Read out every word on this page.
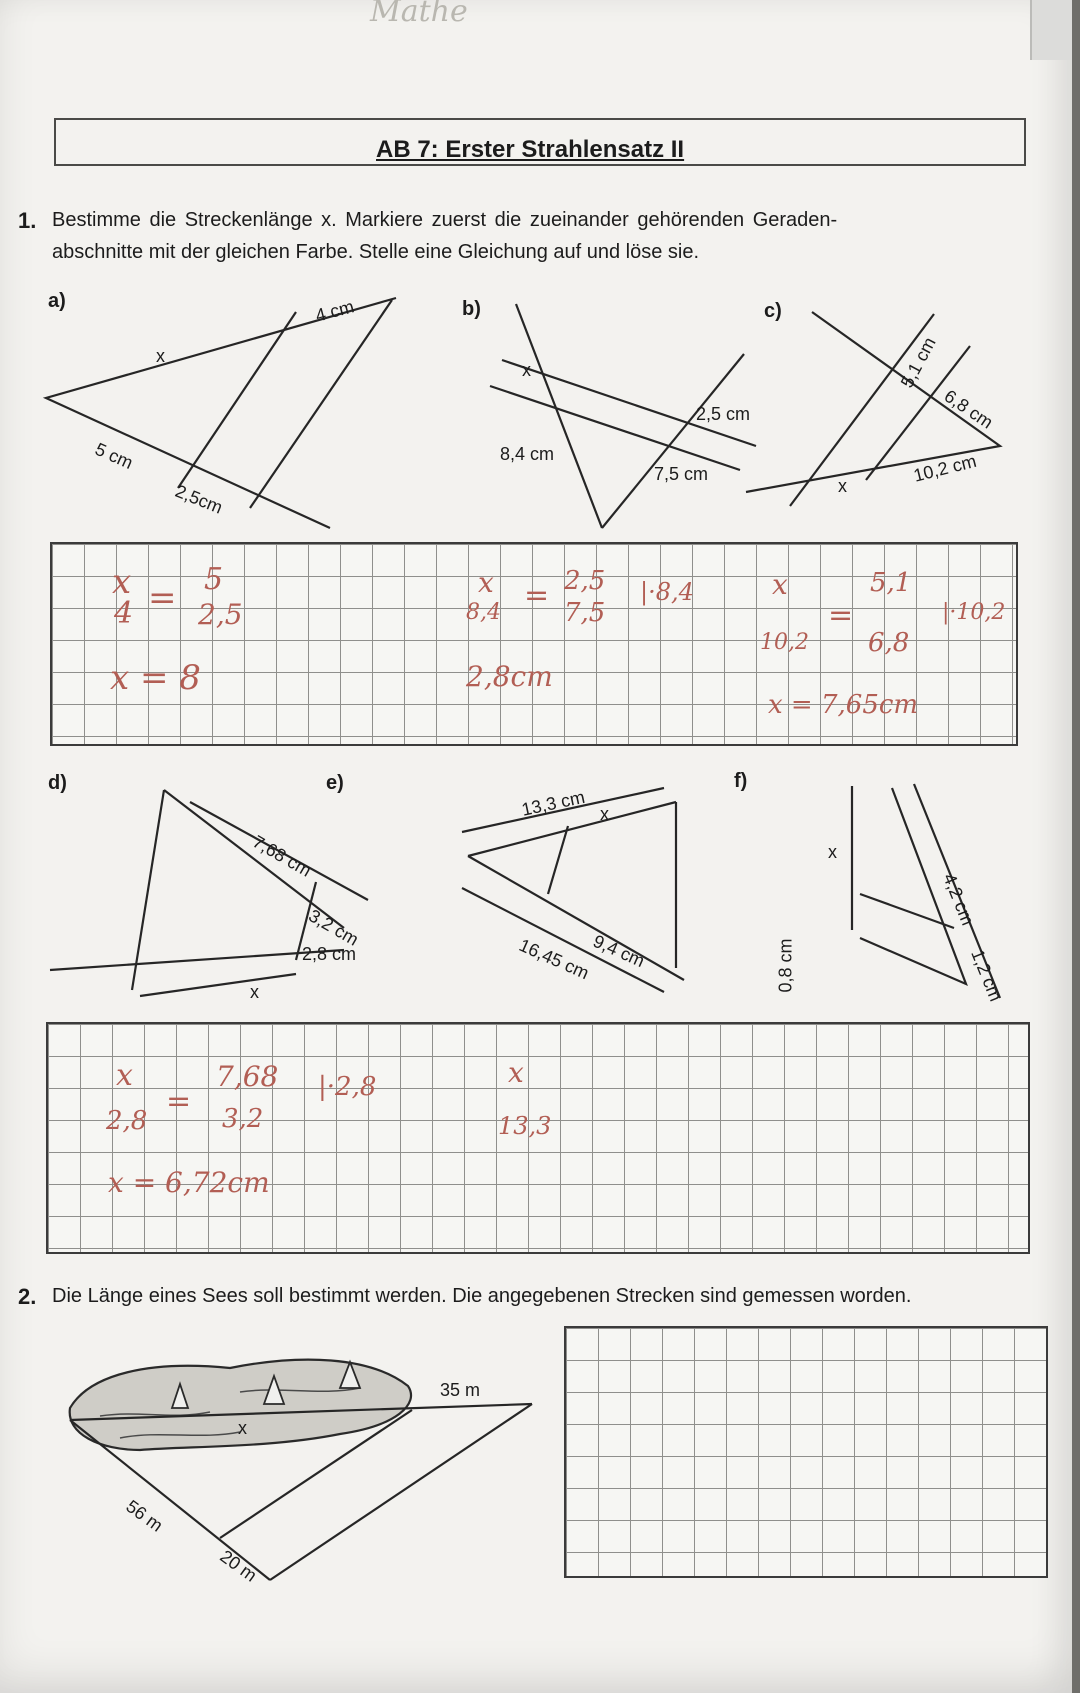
Mathe
AB 7: Erster Strahlensatz II
1. Bestimme die Streckenlänge x. Markiere zuerst die zueinander gehörenden Geraden-
abschnitte mit der gleichen Farbe. Stelle eine Gleichung auf und löse sie.
a)
x
4 cm
5 cm
2,5cm
b)
x
2,5 cm
8,4 cm
7,5 cm
c)
x
5,1 cm
6,8 cm
10,2 cm
x
4 = 5
2,5
x = 8
x
8,4 = 2,5
7,5
|·8,4
2,8cm
x
10,2
=
5,1
6,8
|·10,2
x = 7,65cm
d)
x
7,68 cm
3,2 cm
2,8 cm
e)
x
13,3 cm
16,45 cm
9,4 cm
f)
x
4,2 cm
1,2 cm
0,8 cm
x
2,8
=
7,68
3,2
|·2,8
x = 6,72cm
x
13,3
2. Die Länge eines Sees soll bestimmt werden. Die angegebenen Strecken sind gemessen worden.
x
35 m
56 m
20 m
